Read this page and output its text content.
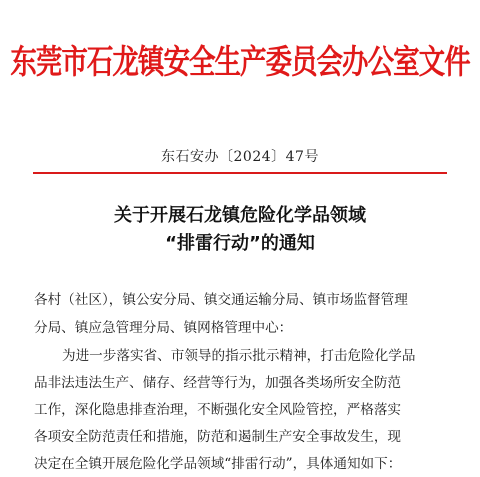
东莞市石龙镇安全生产委员会办公室文件
东石安办〔2024〕47号
关于开展石龙镇危险化学品领域
“排雷行动”的通知
各村（社区），镇公安分局、镇交通运输分局、镇市场监督管理
分局、镇应急管理分局、镇网格管理中心：
为进一步落实省、市领导的指示批示精神，打击危险化学品
品非法违法生产、储存、经营等行为，加强各类场所安全防范
工作，深化隐患排查治理，不断强化安全风险管控，严格落实
各项安全防范责任和措施，防范和遏制生产安全事故发生，现
决定在全镇开展危险化学品领域“排雷行动”，具体通知如下：
